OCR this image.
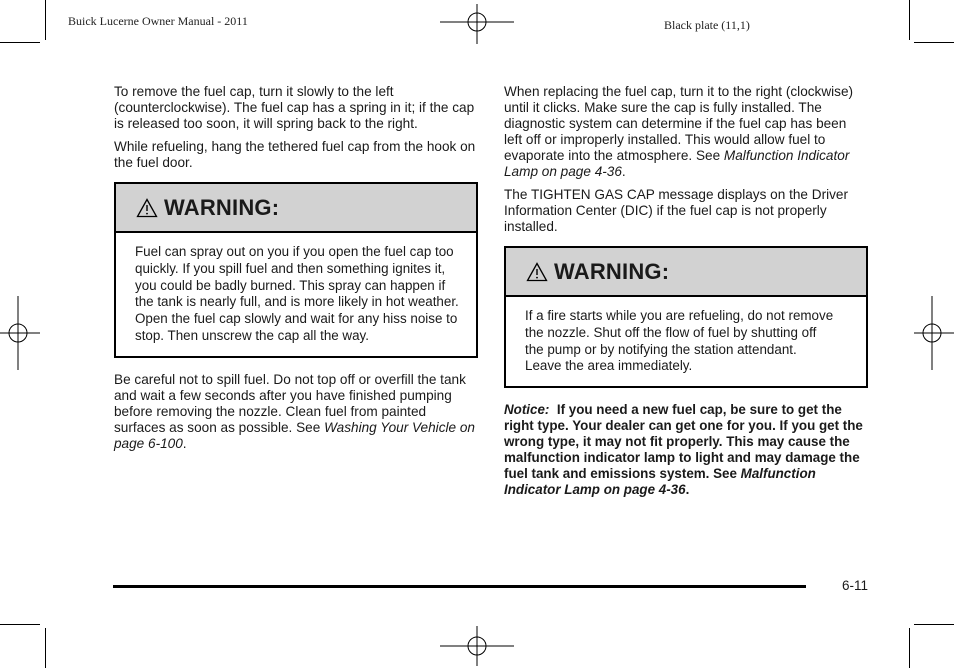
Buick Lucerne Owner Manual - 2011	Black plate (11,1)

To remove the fuel cap, turn it slowly to the left (counterclockwise). The fuel cap has a spring in it; if the cap is released too soon, it will spring back to the right.

While refueling, hang the tethered fuel cap from the hook on the fuel door.

WARNING:
Fuel can spray out on you if you open the fuel cap too quickly. If you spill fuel and then something ignites it, you could be badly burned. This spray can happen if the tank is nearly full, and is more likely in hot weather. Open the fuel cap slowly and wait for any hiss noise to stop. Then unscrew the cap all the way.

Be careful not to spill fuel. Do not top off or overfill the tank and wait a few seconds after you have finished pumping before removing the nozzle. Clean fuel from painted surfaces as soon as possible. See Washing Your Vehicle on page 6-100.

When replacing the fuel cap, turn it to the right (clockwise) until it clicks. Make sure the cap is fully installed. The diagnostic system can determine if the fuel cap has been left off or improperly installed. This would allow fuel to evaporate into the atmosphere. See Malfunction Indicator Lamp on page 4-36.

The TIGHTEN GAS CAP message displays on the Driver Information Center (DIC) if the fuel cap is not properly installed.

WARNING:
If a fire starts while you are refueling, do not remove the nozzle. Shut off the flow of fuel by shutting off the pump or by notifying the station attendant. Leave the area immediately.

Notice: If you need a new fuel cap, be sure to get the right type. Your dealer can get one for you. If you get the wrong type, it may not fit properly. This may cause the malfunction indicator lamp to light and may damage the fuel tank and emissions system. See Malfunction Indicator Lamp on page 4-36.

6-11
